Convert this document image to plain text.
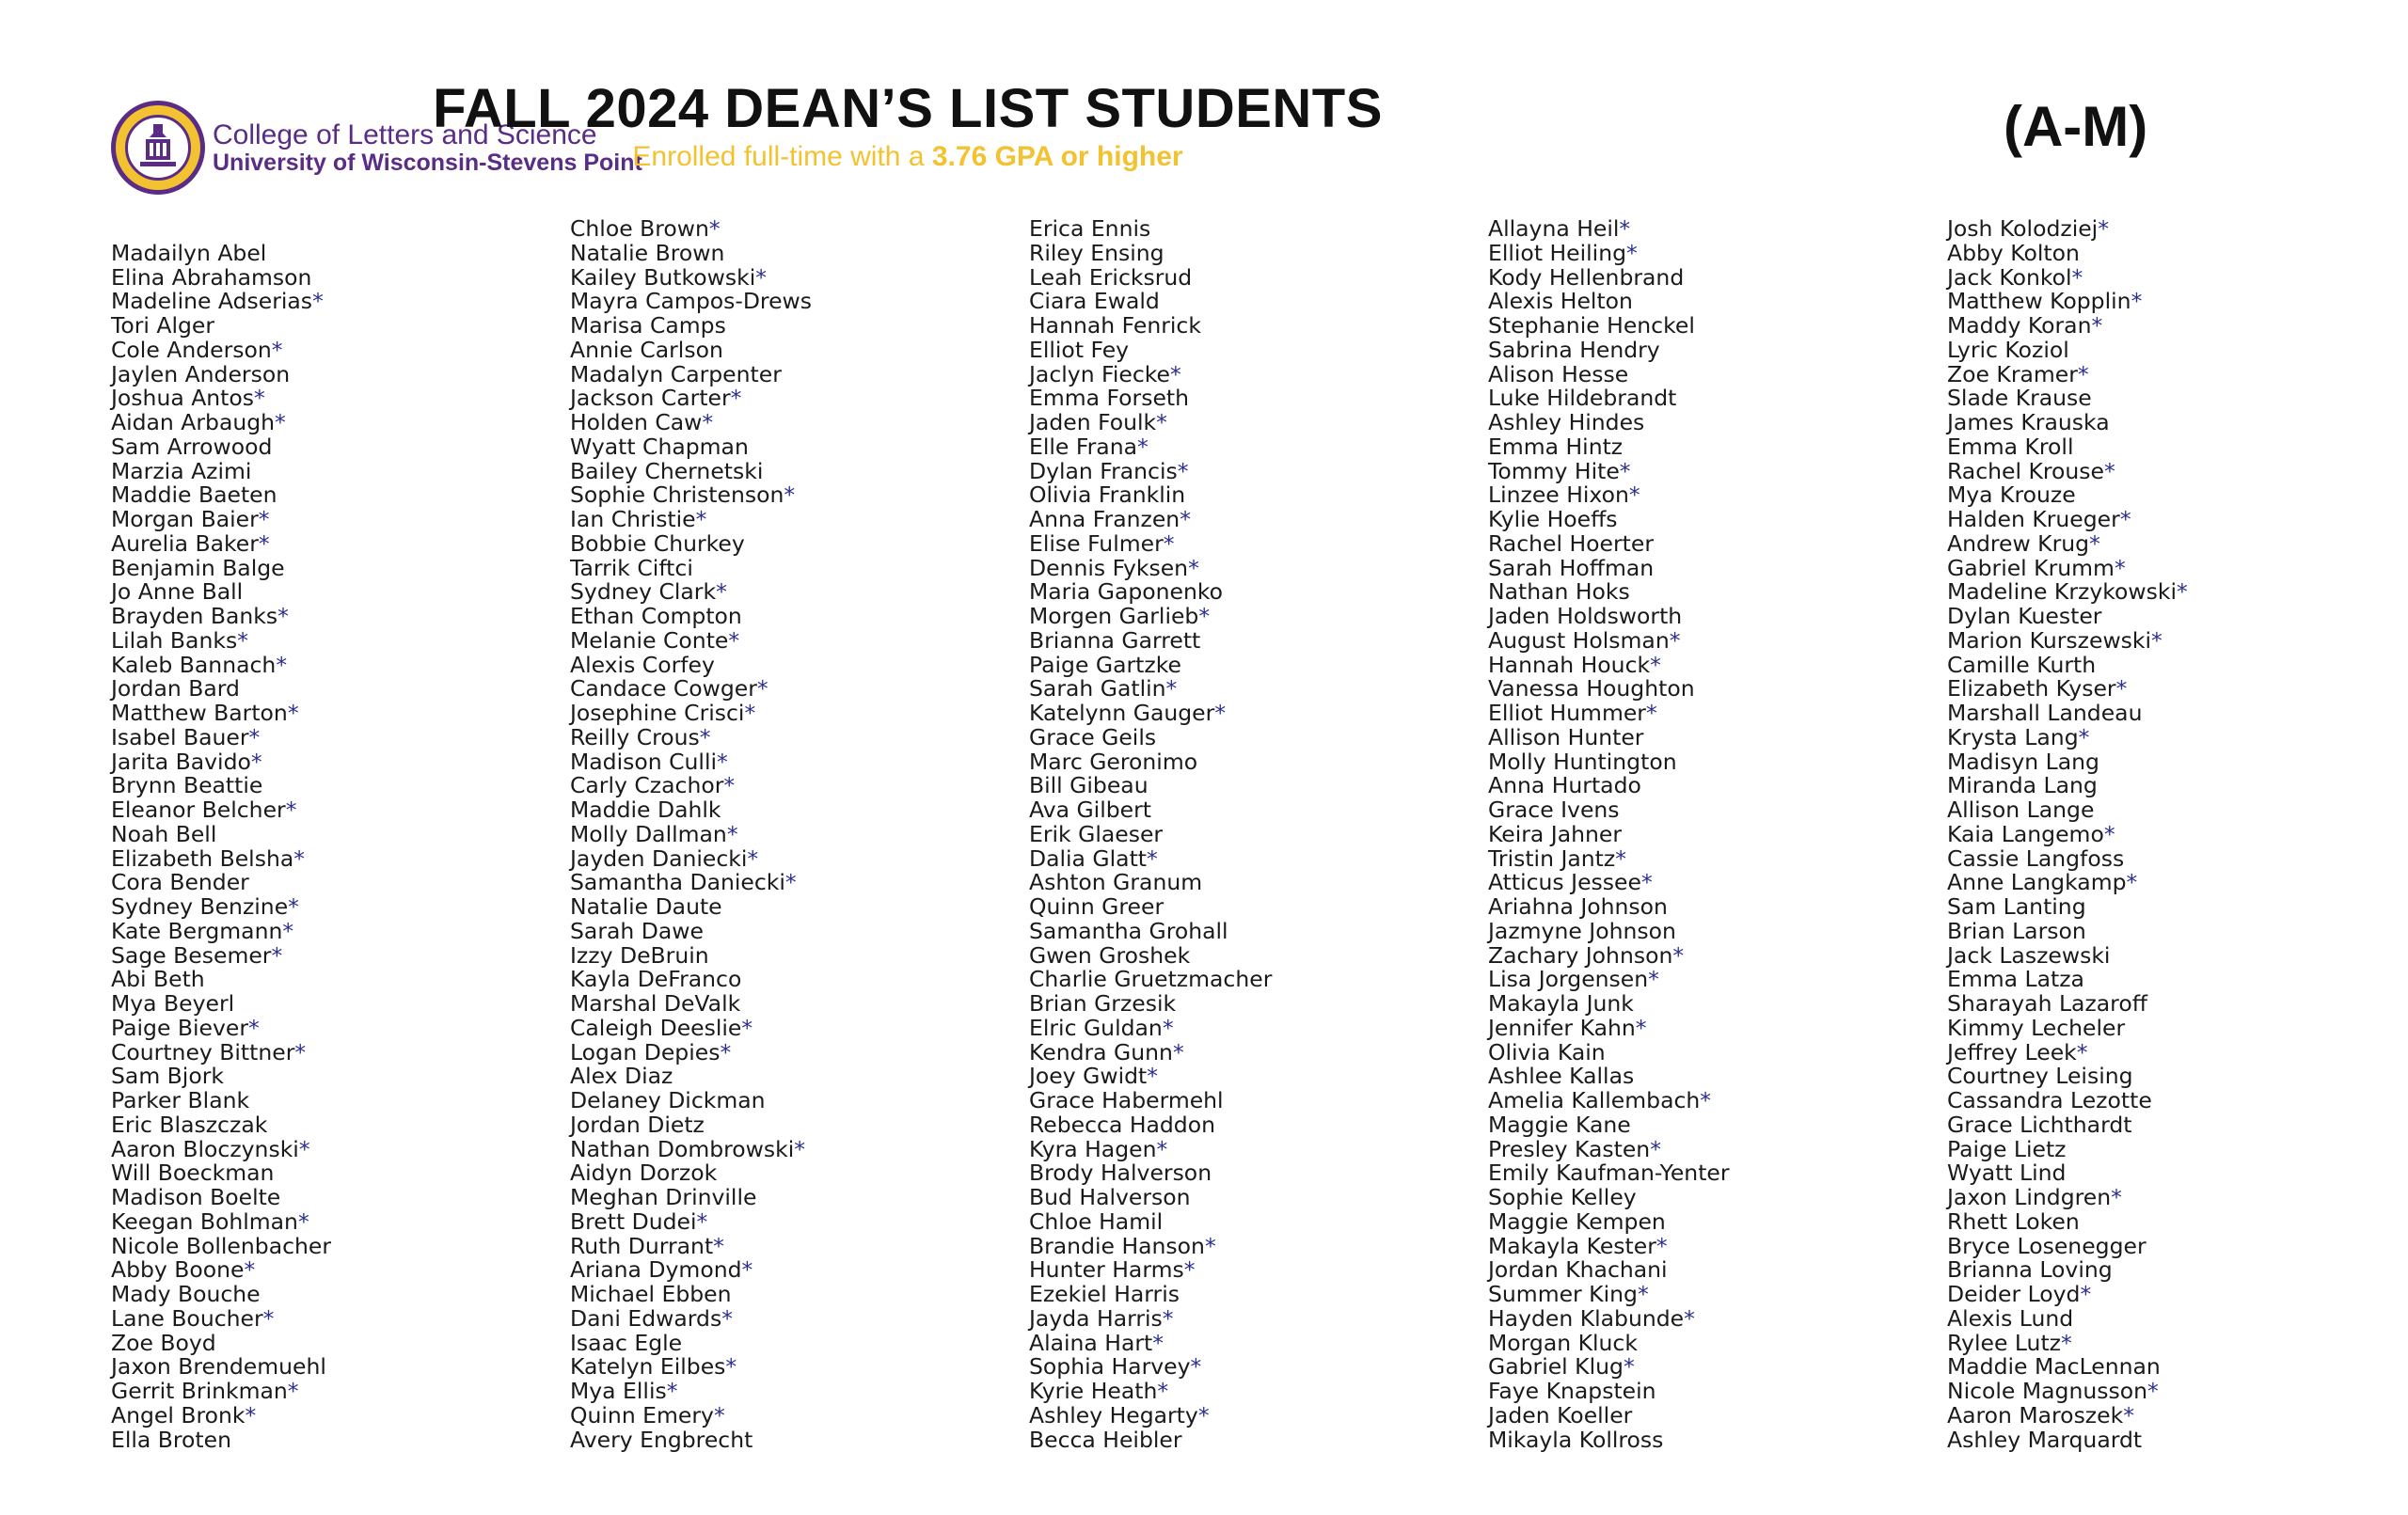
College of Letters and Science
University of Wisconsin-Stevens Point
FALL 2024 DEAN’S LIST STUDENTS
Enrolled full-time with a 3.76 GPA or higher	(A-M)
Madailyn Abel
Elina Abrahamson
Madeline Adserias*
Tori Alger
Cole Anderson*
Jaylen Anderson
Joshua Antos*
Aidan Arbaugh*
Sam Arrowood
Marzia Azimi
Maddie Baeten
Morgan Baier*
Aurelia Baker*
Benjamin Balge
Jo Anne Ball
Brayden Banks*
Lilah Banks*
Kaleb Bannach*
Jordan Bard
Matthew Barton*
Isabel Bauer*
Jarita Bavido*
Brynn Beattie
Eleanor Belcher*
Noah Bell
Elizabeth Belsha*
Cora Bender
Sydney Benzine*
Kate Bergmann*
Sage Besemer*
Abi Beth
Mya Beyerl
Paige Biever*
Courtney Bittner*
Sam Bjork
Parker Blank
Eric Blaszczak
Aaron Bloczynski*
Will Boeckman
Madison Boelte
Keegan Bohlman*
Nicole Bollenbacher
Abby Boone*
Mady Bouche
Lane Boucher*
Zoe Boyd
Jaxon Brendemuehl
Gerrit Brinkman*
Angel Bronk*
Ella Broten
Chloe Brown*
Natalie Brown
Kailey Butkowski*
Mayra Campos-Drews
Marisa Camps
Annie Carlson
Madalyn Carpenter
Jackson Carter*
Holden Caw*
Wyatt Chapman
Bailey Chernetski
Sophie Christenson*
Ian Christie*
Bobbie Churkey
Tarrik Ciftci
Sydney Clark*
Ethan Compton
Melanie Conte*
Alexis Corfey
Candace Cowger*
Josephine Crisci*
Reilly Crous*
Madison Culli*
Carly Czachor*
Maddie Dahlk
Molly Dallman*
Jayden Daniecki*
Samantha Daniecki*
Natalie Daute
Sarah Dawe
Izzy DeBruin
Kayla DeFranco
Marshal DeValk
Caleigh Deeslie*
Logan Depies*
Alex Diaz
Delaney Dickman
Jordan Dietz
Nathan Dombrowski*
Aidyn Dorzok
Meghan Drinville
Brett Dudei*
Ruth Durrant*
Ariana Dymond*
Michael Ebben
Dani Edwards*
Isaac Egle
Katelyn Eilbes*
Mya Ellis*
Quinn Emery*
Avery Engbrecht
Erica Ennis
Riley Ensing
Leah Ericksrud
Ciara Ewald
Hannah Fenrick
Elliot Fey
Jaclyn Fiecke*
Emma Forseth
Jaden Foulk*
Elle Frana*
Dylan Francis*
Olivia Franklin
Anna Franzen*
Elise Fulmer*
Dennis Fyksen*
Maria Gaponenko
Morgen Garlieb*
Brianna Garrett
Paige Gartzke
Sarah Gatlin*
Katelynn Gauger*
Grace Geils
Marc Geronimo
Bill Gibeau
Ava Gilbert
Erik Glaeser
Dalia Glatt*
Ashton Granum
Quinn Greer
Samantha Grohall
Gwen Groshek
Charlie Gruetzmacher
Brian Grzesik
Elric Guldan*
Kendra Gunn*
Joey Gwidt*
Grace Habermehl
Rebecca Haddon
Kyra Hagen*
Brody Halverson
Bud Halverson
Chloe Hamil
Brandie Hanson*
Hunter Harms*
Ezekiel Harris
Jayda Harris*
Alaina Hart*
Sophia Harvey*
Kyrie Heath*
Ashley Hegarty*
Becca Heibler
Allayna Heil*
Elliot Heiling*
Kody Hellenbrand
Alexis Helton
Stephanie Henckel
Sabrina Hendry
Alison Hesse
Luke Hildebrandt
Ashley Hindes
Emma Hintz
Tommy Hite*
Linzee Hixon*
Kylie Hoeffs
Rachel Hoerter
Sarah Hoffman
Nathan Hoks
Jaden Holdsworth
August Holsman*
Hannah Houck*
Vanessa Houghton
Elliot Hummer*
Allison Hunter
Molly Huntington
Anna Hurtado
Grace Ivens
Keira Jahner
Tristin Jantz*
Atticus Jessee*
Ariahna Johnson
Jazmyne Johnson
Zachary Johnson*
Lisa Jorgensen*
Makayla Junk
Jennifer Kahn*
Olivia Kain
Ashlee Kallas
Amelia Kallembach*
Maggie Kane
Presley Kasten*
Emily Kaufman-Yenter
Sophie Kelley
Maggie Kempen
Makayla Kester*
Jordan Khachani
Summer King*
Hayden Klabunde*
Morgan Kluck
Gabriel Klug*
Faye Knapstein
Jaden Koeller
Mikayla Kollross
Josh Kolodziej*
Abby Kolton
Jack Konkol*
Matthew Kopplin*
Maddy Koran*
Lyric Koziol
Zoe Kramer*
Slade Krause
James Krauska
Emma Kroll
Rachel Krouse*
Mya Krouze
Halden Krueger*
Andrew Krug*
Gabriel Krumm*
Madeline Krzykowski*
Dylan Kuester
Marion Kurszewski*
Camille Kurth
Elizabeth Kyser*
Marshall Landeau
Krysta Lang*
Madisyn Lang
Miranda Lang
Allison Lange
Kaia Langemo*
Cassie Langfoss
Anne Langkamp*
Sam Lanting
Brian Larson
Jack Laszewski
Emma Latza
Sharayah Lazaroff
Kimmy Lecheler
Jeffrey Leek*
Courtney Leising
Cassandra Lezotte
Grace Lichthardt
Paige Lietz
Wyatt Lind
Jaxon Lindgren*
Rhett Loken
Bryce Losenegger
Brianna Loving
Deider Loyd*
Alexis Lund
Rylee Lutz*
Maddie MacLennan
Nicole Magnusson*
Aaron Maroszek*
Ashley Marquardt
